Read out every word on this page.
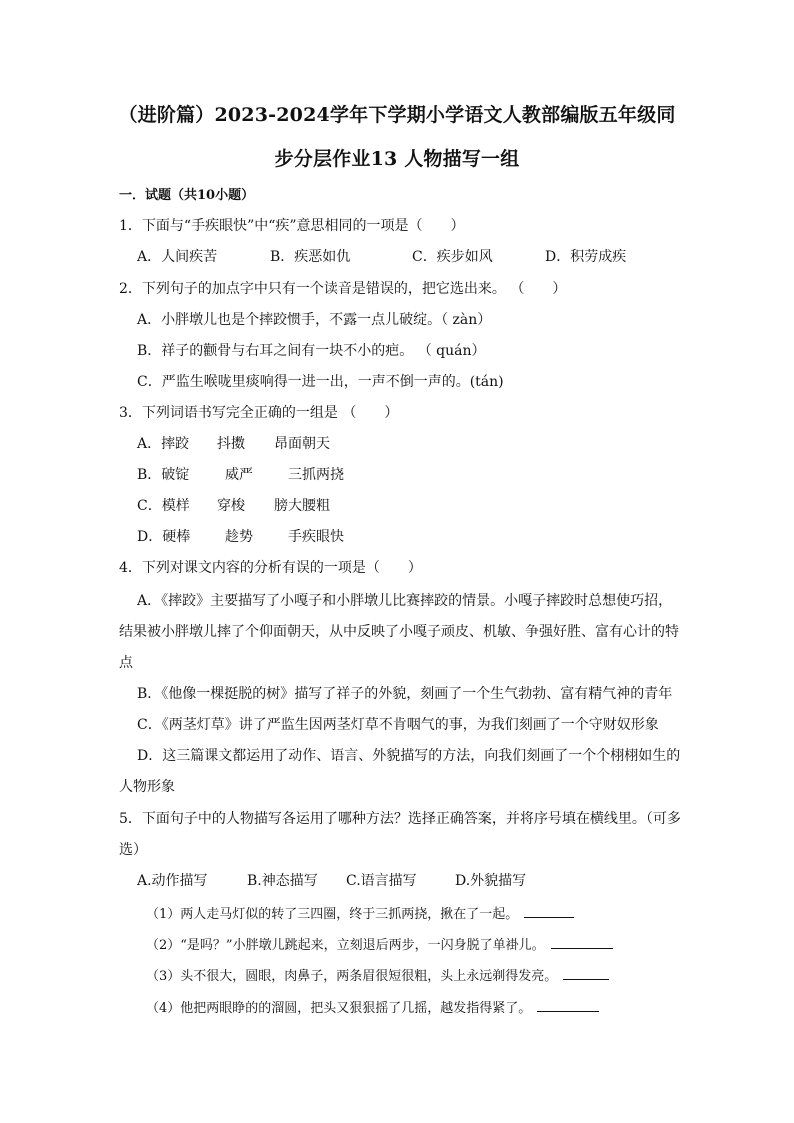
（进阶篇）2023-2024学年下学期小学语文人教部编版五年级同
步分层作业13 人物描写一组
一．试题（共10小题）
1．下面与“手疾眼快”中“疾”意思相同的一项是（　　）
A．人间疾苦	B．疾恶如仇	C．疾步如风	D．积劳成疾
2．下列句子的加点字中只有一个读音是错误的，把它选出来。 （　　）
A．小胖墩儿也是个摔跤惯手，不露一点儿破绽。（ zàn）
B．祥子的颧骨与右耳之间有一块不小的疤。 （ quán）
C．严监生喉咙里痰响得一进一出，一声不倒一声的。(tán)
3．下列词语书写完全正确的一组是 （　　）
A．摔跤 抖擞 昂面朝天
B．破锭	威严	三抓两挠
C．模样 穿梭 膀大腰粗
D．硬棒 趁势	手疾眼快
4．下列对课文内容的分析有误的一项是（　　）
A．《摔跤》主要描写了小嘎子和小胖墩儿比赛摔跤的情景。小嘎子摔跤时总想使巧招，
结果被小胖墩儿摔了个仰面朝天，从中反映了小嘎子顽皮、机敏、争强好胜、富有心计的特
点
B．《他像一棵挺脱的树》描写了祥子的外貌，刻画了一个生气勃勃、富有精气神的青年
C．《两茎灯草》讲了严监生因两茎灯草不肯咽气的事，为我们刻画了一个守财奴形象
D．这三篇课文都运用了动作、语言、外貌描写的方法，向我们刻画了一个个栩栩如生的
人物形象
5．下面句子中的人物描写各运用了哪种方法？选择正确答案，并将序号填在横线里。（可多
选）
A.动作描写	B.神态描写 C.语言描写	D.外貌描写
（1）两人走马灯似的转了三四圈，终于三抓两挠，揪在了一起。
（2）“是吗？”小胖墩儿跳起来，立刻退后两步，一闪身脱了单褂儿。
（3）头不很大，圆眼，肉鼻子，两条眉很短很粗，头上永远剃得发亮。
（4）他把两眼睁的的溜圆，把头又狠狠摇了几摇，越发指得紧了。
